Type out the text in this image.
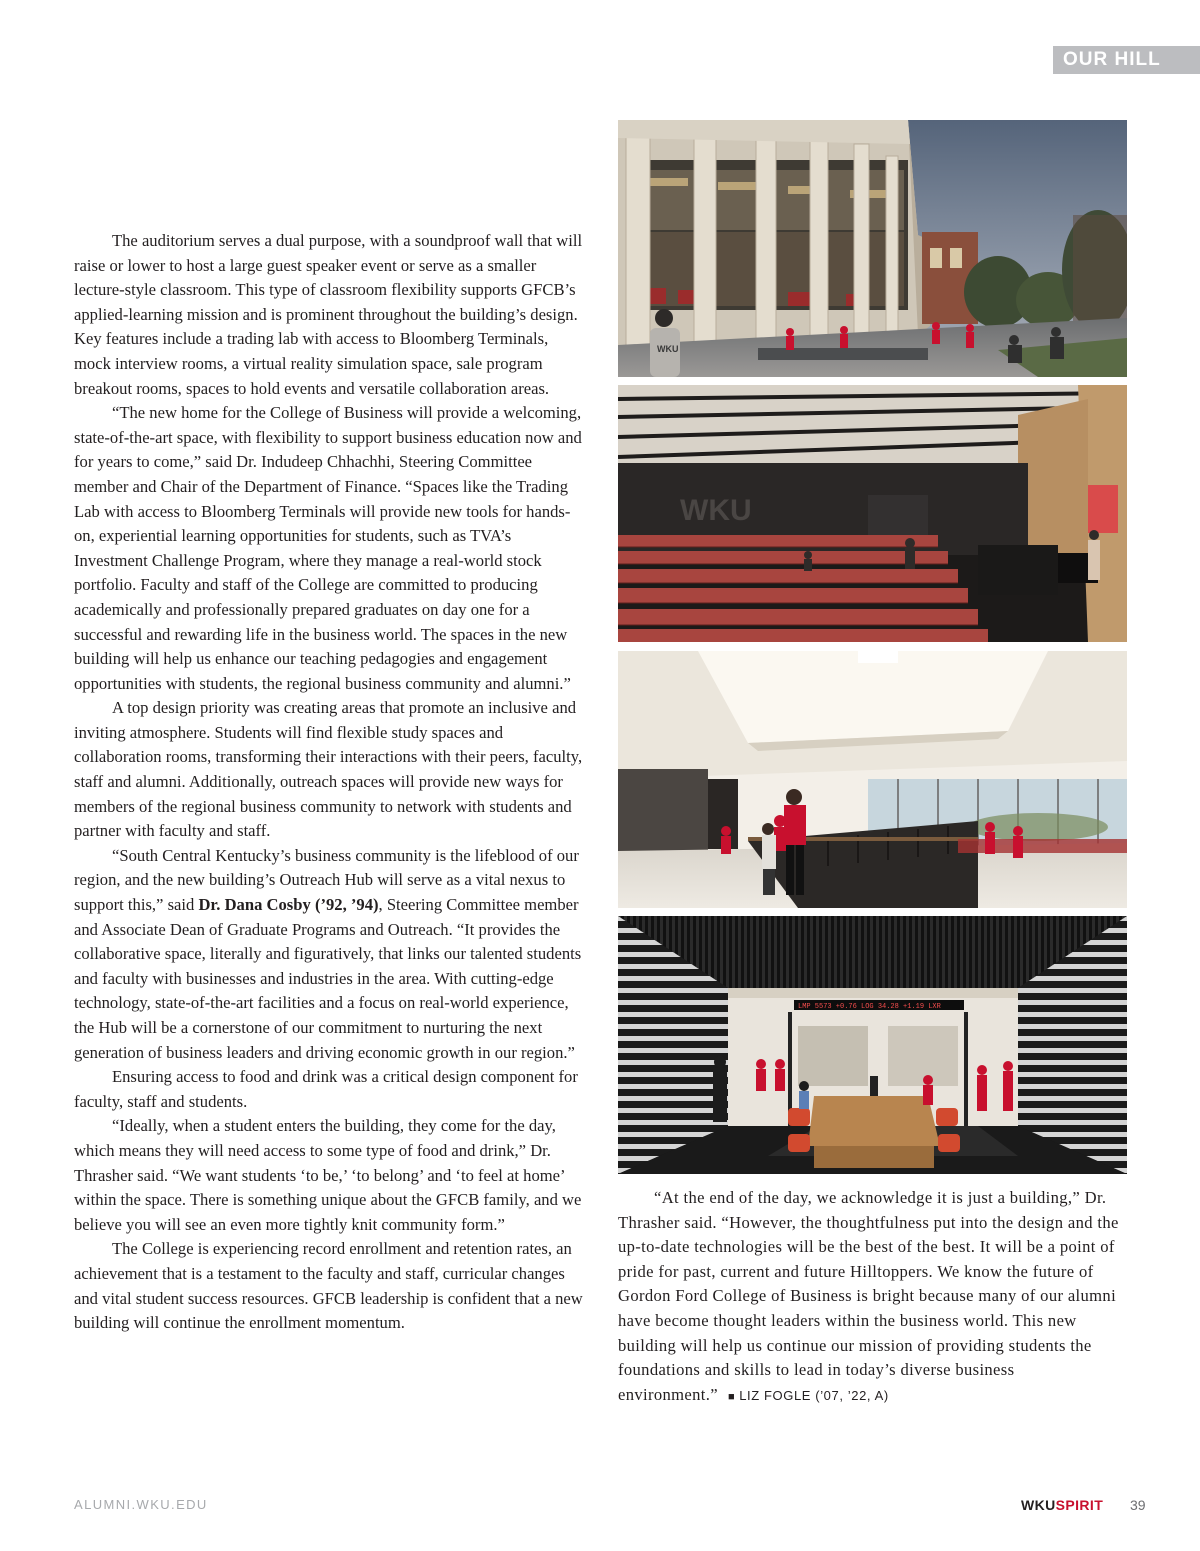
OUR HILL

The auditorium serves a dual purpose, with a soundproof wall that will raise or lower to host a large guest speaker event or serve as a smaller lecture-style classroom. This type of classroom flexibility supports GFCB’s applied-learning mission and is prominent throughout the building’s design. Key features include a trading lab with access to Bloomberg Terminals, mock interview rooms, a virtual reality simulation space, sale program breakout rooms, spaces to hold events and versatile collaboration areas.

“The new home for the College of Business will provide a welcoming, state-of-the-art space, with flexibility to support business education now and for years to come,” said Dr. Indudeep Chhachhi, Steering Committee member and Chair of the Department of Finance. “Spaces like the Trading Lab with access to Bloomberg Terminals will provide new tools for hands-on, experiential learning opportunities for students, such as TVA’s Investment Challenge Program, where they manage a real-world stock portfolio. Faculty and staff of the College are committed to producing academically and professionally prepared graduates on day one for a successful and rewarding life in the business world. The spaces in the new building will help us enhance our teaching pedagogies and engagement opportunities with students, the regional business community and alumni.”

A top design priority was creating areas that promote an inclusive and inviting atmosphere. Students will find flexible study spaces and collaboration rooms, transforming their interactions with their peers, faculty, staff and alumni. Additionally, outreach spaces will provide new ways for members of the regional business community to network with students and partner with faculty and staff.

“South Central Kentucky’s business community is the lifeblood of our region, and the new building’s Outreach Hub will serve as a vital nexus to support this,” said Dr. Dana Cosby (’92, ’94), Steering Committee member and Associate Dean of Graduate Programs and Outreach. “It provides the collaborative space, literally and figuratively, that links our talented students and faculty with businesses and industries in the area. With cutting-edge technology, state-of-the-art facilities and a focus on real-world experience, the Hub will be a cornerstone of our commitment to nurturing the next generation of business leaders and driving economic growth in our region.”

Ensuring access to food and drink was a critical design component for faculty, staff and students.

“Ideally, when a student enters the building, they come for the day, which means they will need access to some type of food and drink,” Dr. Thrasher said. “We want students ‘to be,’ ‘to belong’ and ‘to feel at home’ within the space. There is something unique about the GFCB family, and we believe you will see an even more tightly knit community form.”

The College is experiencing record enrollment and retention rates, an achievement that is a testament to the faculty and staff, curricular changes and vital student success resources. GFCB leadership is confident that a new building will continue the enrollment momentum.

WKU
WKU
LMP 5573 +0.76 LOG 34.28 +1.19 LXR

“At the end of the day, we acknowledge it is just a building,” Dr. Thrasher said. “However, the thoughtfulness put into the design and the up-to-date technologies will be the best of the best. It will be a point of pride for past, current and future Hilltoppers. We know the future of Gordon Ford College of Business is bright because many of our alumni have become thought leaders within the business world. This new building will help us continue our mission of providing students the foundations and skills to lead in today’s diverse business environment.” ■ LIZ FOGLE (’07, ’22, A)

ALUMNI.WKU.EDU	WKUSPIRIT 39
